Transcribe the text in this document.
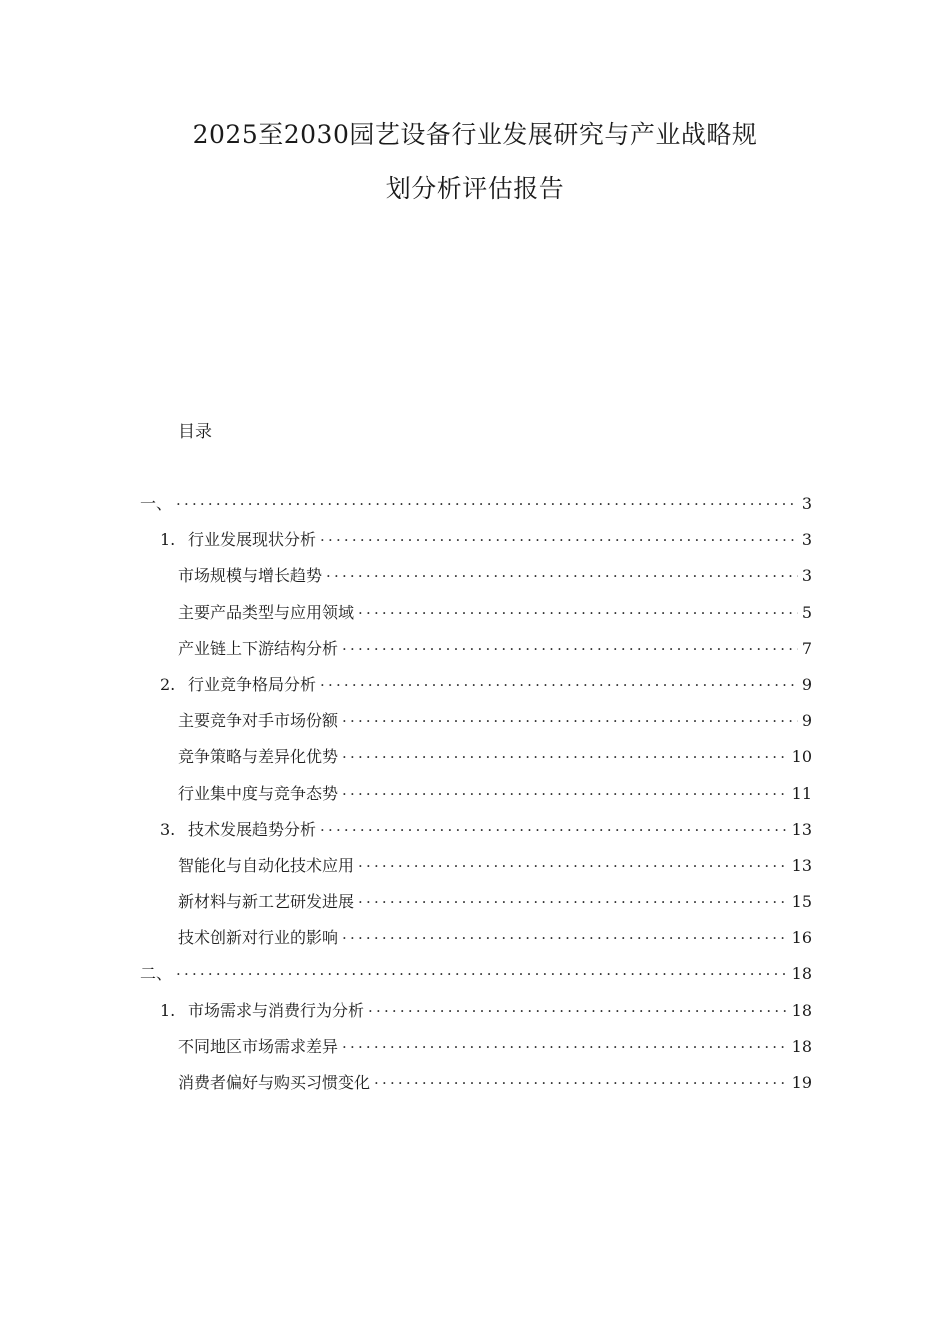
2025至2030园艺设备行业发展研究与产业战略规
划分析评估报告
目录
一、 ·····	3
1. 行业发展现状分析 ·····	3
市场规模与增长趋势 ·····	3
主要产品类型与应用领域 ·····	5
产业链上下游结构分析 ·····	7
2. 行业竞争格局分析 ·····	9
主要竞争对手市场份额 ·····	9
竞争策略与差异化优势 ·····	10
行业集中度与竞争态势 ·····	11
3. 技术发展趋势分析 ·····	13
智能化与自动化技术应用 ·····	13
新材料与新工艺研发进展 ·····	15
技术创新对行业的影响 ·····	16
二、 ·····	18
1. 市场需求与消费行为分析 ·····	18
不同地区市场需求差异 ·····	18
消费者偏好与购买习惯变化 ·····	19
